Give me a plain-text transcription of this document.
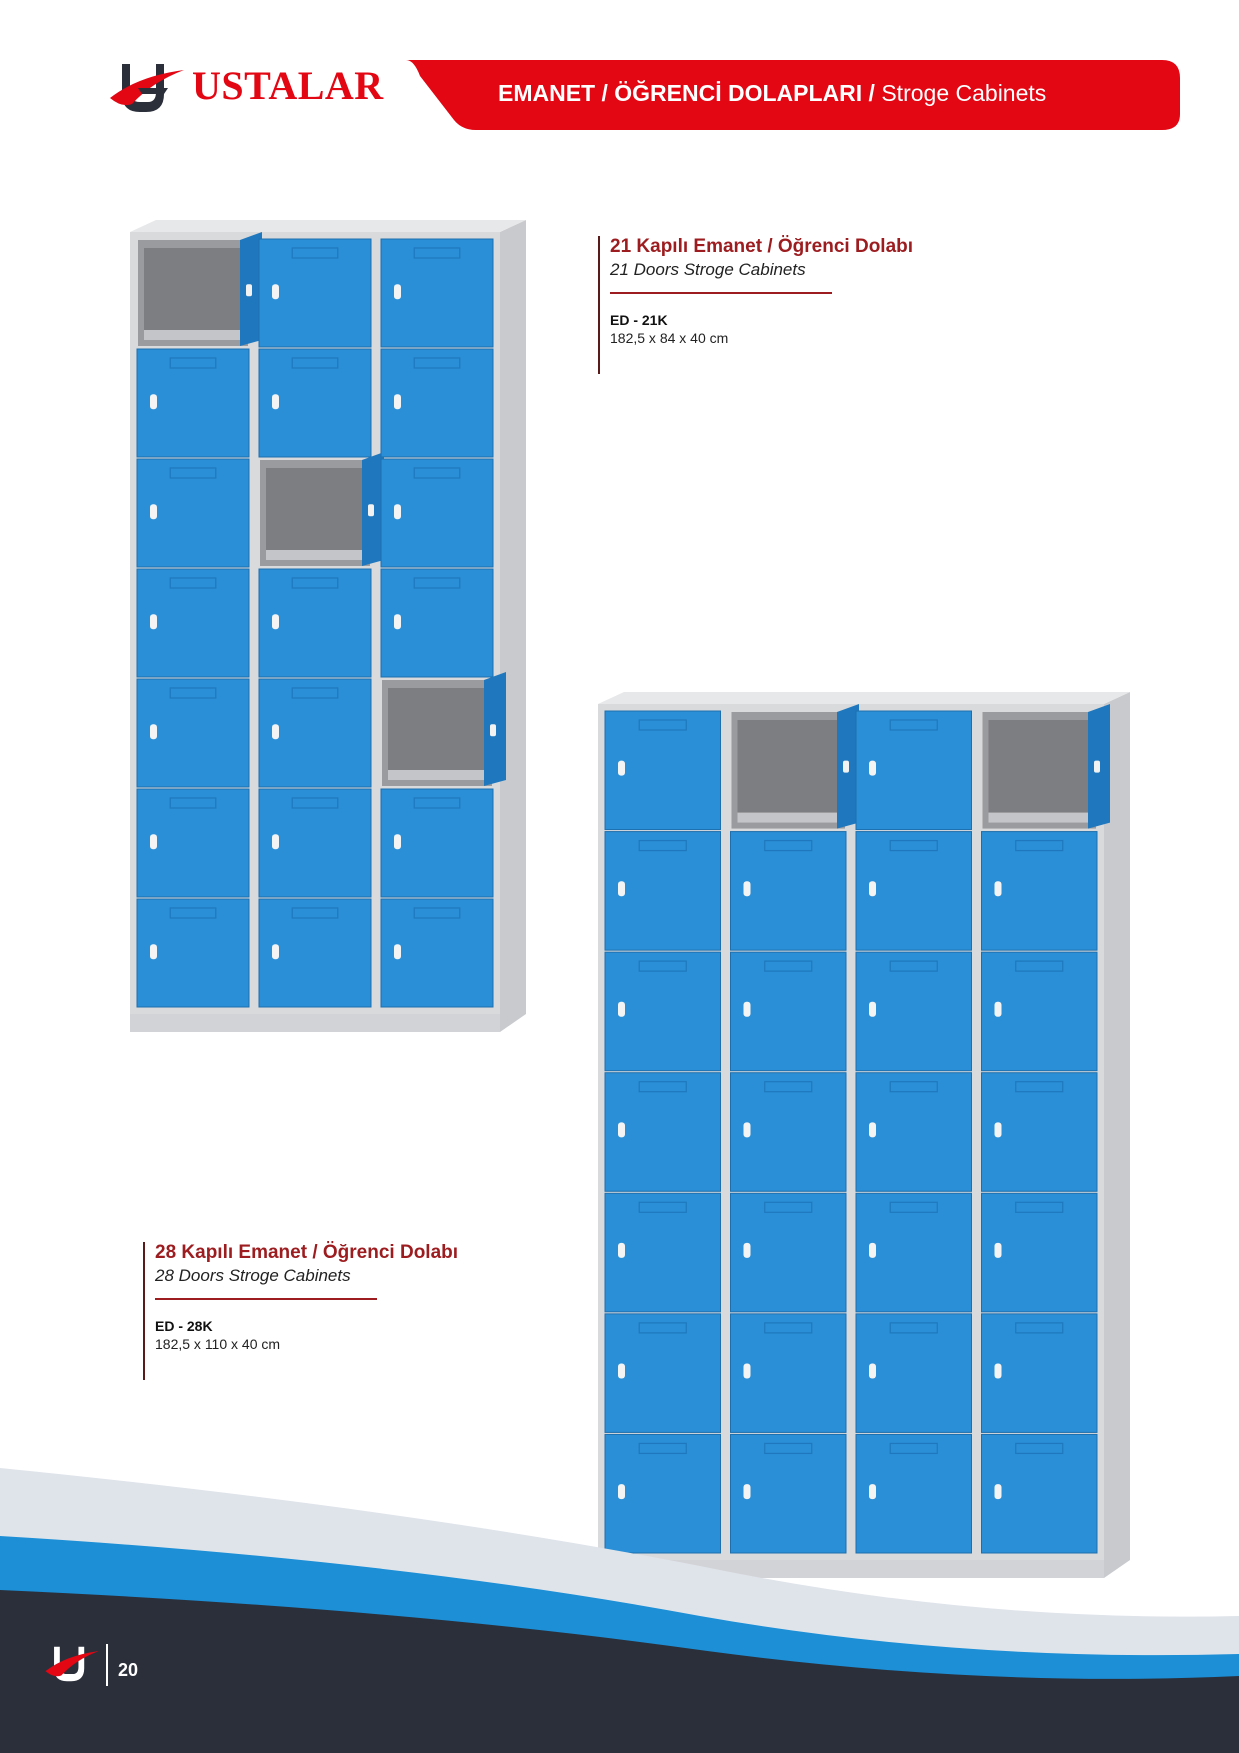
USTALAR	EMANET / ÖĞRENCİ DOLAPLARI / Stroge Cabinets
21 Kapılı Emanet / Öğrenci Dolabı
21 Doors Stroge Cabinets
ED - 21K
182,5 x 84 x 40 cm
28 Kapılı Emanet / Öğrenci Dolabı
28 Doors Stroge Cabinets
ED - 28K
182,5 x 110 x 40 cm
20
